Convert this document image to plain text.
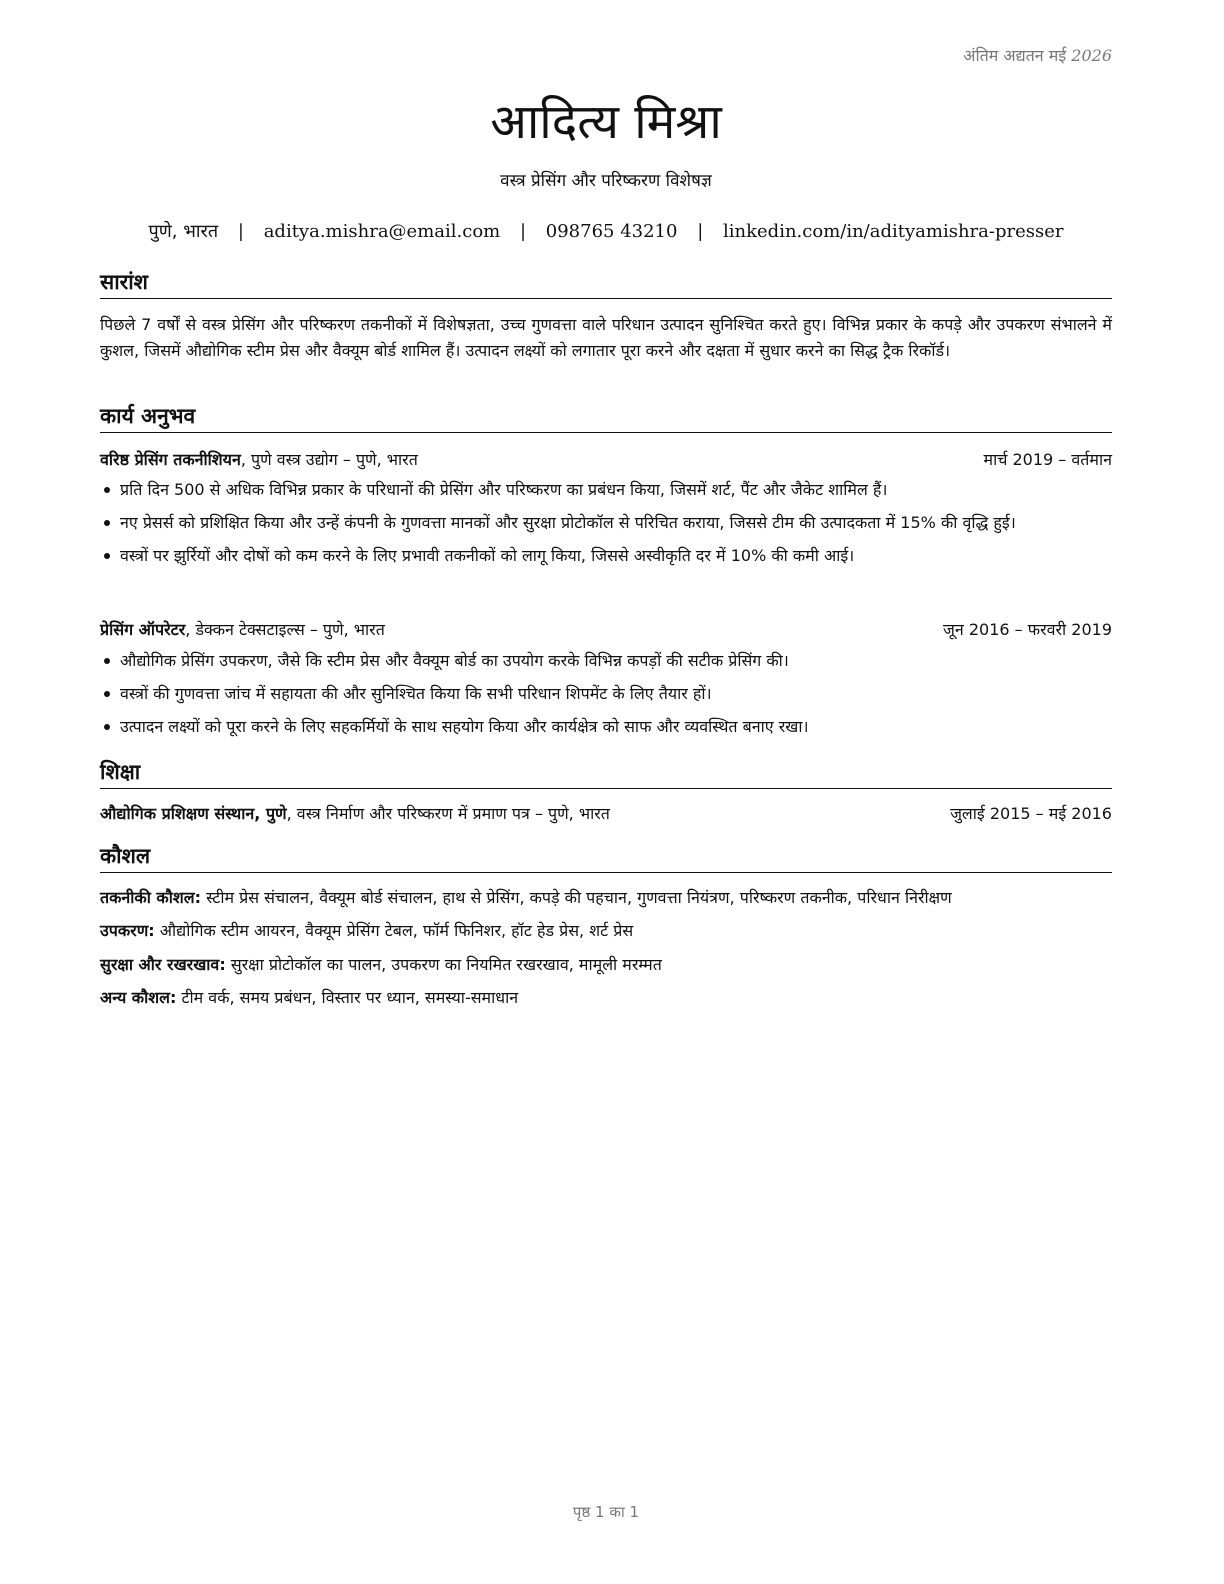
अंतिम अद्यतन मई 2026
आदित्य मिश्रा
वस्त्र प्रेसिंग और परिष्करण विशेषज्ञ
पुणे, भारत | aditya.mishra@email.com | 098765 43210 | linkedin.com/in/adityamishra-presser
सारांश
पिछले 7 वर्षों से वस्त्र प्रेसिंग और परिष्करण तकनीकों में विशेषज्ञता, उच्च गुणवत्ता वाले परिधान उत्पादन सुनिश्चित करते हुए। विभिन्न प्रकार के कपड़े और उपकरण संभालने में कुशल, जिसमें औद्योगिक स्टीम प्रेस और वैक्यूम बोर्ड शामिल हैं। उत्पादन लक्ष्यों को लगातार पूरा करने और दक्षता में सुधार करने का सिद्ध ट्रैक रिकॉर्ड।
कार्य अनुभव
वरिष्ठ प्रेसिंग तकनीशियन, पुणे वस्त्र उद्योग – पुणे, भारत	मार्च 2019 – वर्तमान
प्रति दिन 500 से अधिक विभिन्न प्रकार के परिधानों की प्रेसिंग और परिष्करण का प्रबंधन किया, जिसमें शर्ट, पैंट और जैकेट शामिल हैं।
नए प्रेसर्स को प्रशिक्षित किया और उन्हें कंपनी के गुणवत्ता मानकों और सुरक्षा प्रोटोकॉल से परिचित कराया, जिससे टीम की उत्पादकता में 15% की वृद्धि हुई।
वस्त्रों पर झुर्रियों और दोषों को कम करने के लिए प्रभावी तकनीकों को लागू किया, जिससे अस्वीकृति दर में 10% की कमी आई।
प्रेसिंग ऑपरेटर, डेक्कन टेक्सटाइल्स – पुणे, भारत	जून 2016 – फरवरी 2019
औद्योगिक प्रेसिंग उपकरण, जैसे कि स्टीम प्रेस और वैक्यूम बोर्ड का उपयोग करके विभिन्न कपड़ों की सटीक प्रेसिंग की।
वस्त्रों की गुणवत्ता जांच में सहायता की और सुनिश्चित किया कि सभी परिधान शिपमेंट के लिए तैयार हों।
उत्पादन लक्ष्यों को पूरा करने के लिए सहकर्मियों के साथ सहयोग किया और कार्यक्षेत्र को साफ और व्यवस्थित बनाए रखा।
शिक्षा
औद्योगिक प्रशिक्षण संस्थान, पुणे, वस्त्र निर्माण और परिष्करण में प्रमाण पत्र – पुणे, भारत	जुलाई 2015 – मई 2016
कौशल
तकनीकी कौशल: स्टीम प्रेस संचालन, वैक्यूम बोर्ड संचालन, हाथ से प्रेसिंग, कपड़े की पहचान, गुणवत्ता नियंत्रण, परिष्करण तकनीक, परिधान निरीक्षण
उपकरण: औद्योगिक स्टीम आयरन, वैक्यूम प्रेसिंग टेबल, फॉर्म फिनिशर, हॉट हेड प्रेस, शर्ट प्रेस
सुरक्षा और रखरखाव: सुरक्षा प्रोटोकॉल का पालन, उपकरण का नियमित रखरखाव, मामूली मरम्मत
अन्य कौशल: टीम वर्क, समय प्रबंधन, विस्तार पर ध्यान, समस्या-समाधान
पृष्ठ 1 का 1
